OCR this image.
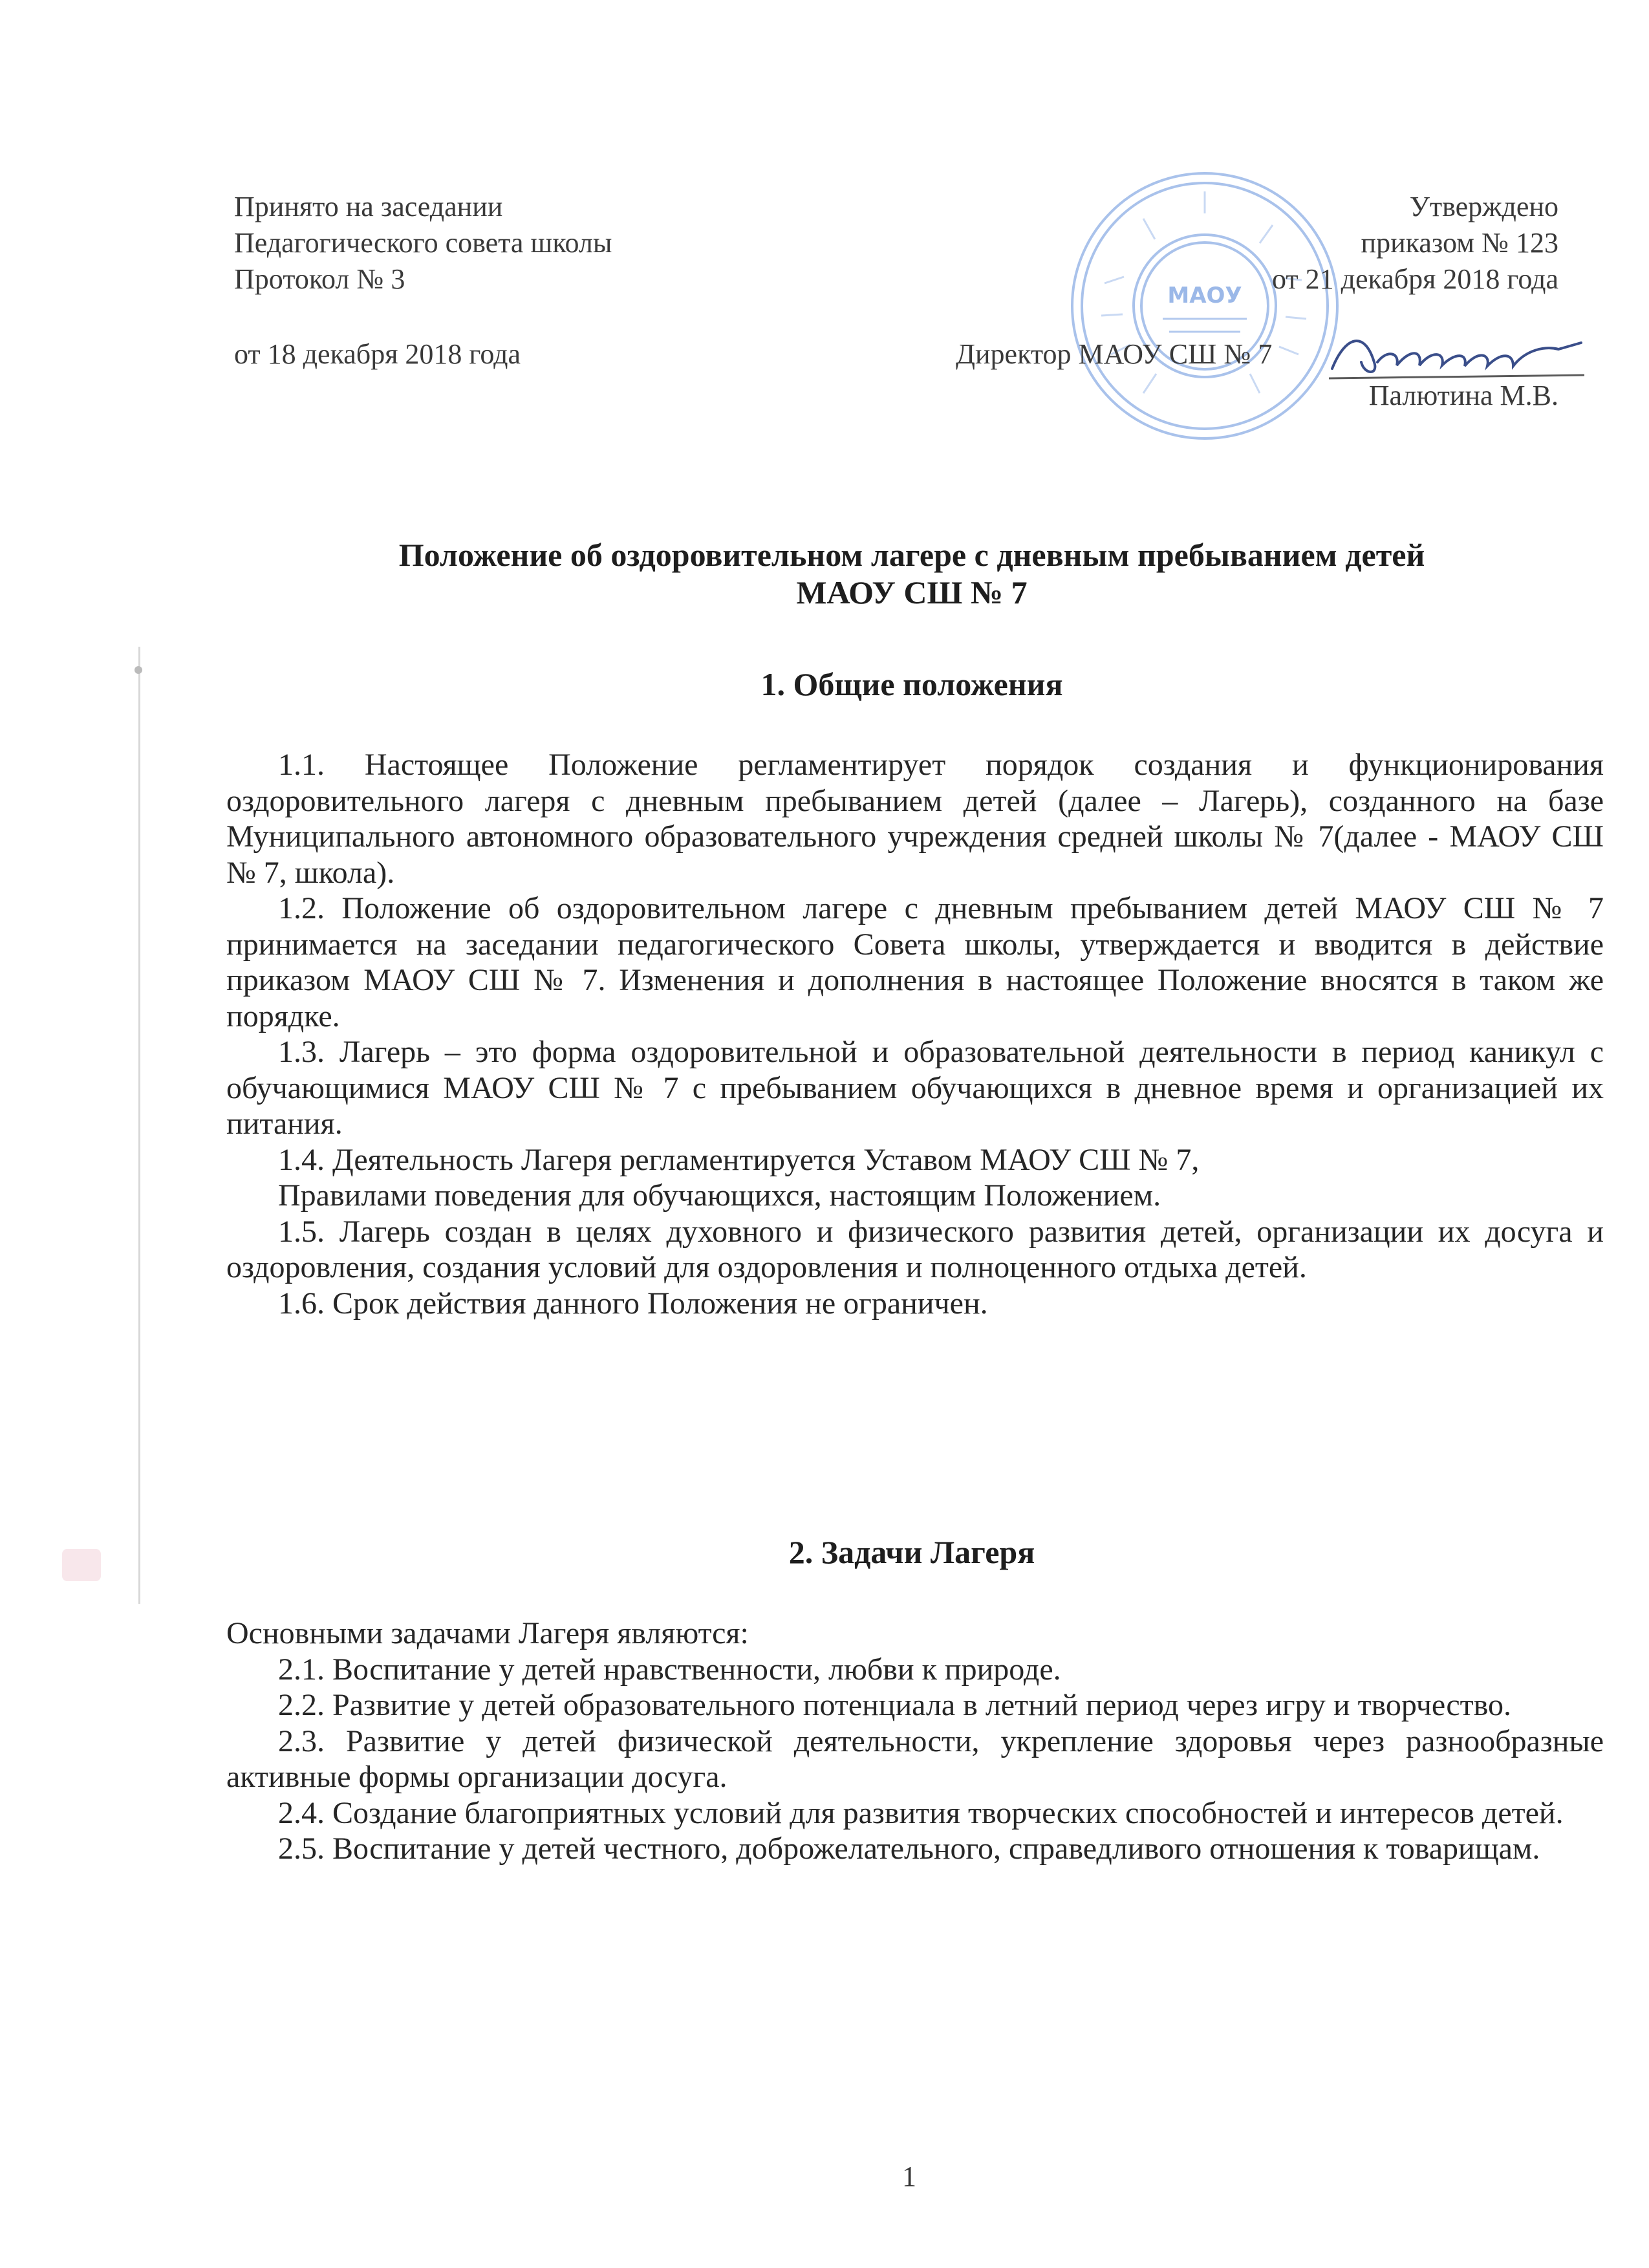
Принято на заседании

Педагогического совета школы

Протокол № 3

от 18 декабря 2018 года

МАОУ

Утверждено

приказом № 123

от 21 декабря 2018 года

Директор МАОУ СШ № 7

Палютина М.В.

Положение об оздоровительном лагере с дневным пребыванием детей

МАОУ СШ № 7

1. Общие положения

1.1. Настоящее Положение регламентирует порядок создания и функционирования оздоровительного лагеря с дневным пребыванием детей (далее – Лагерь), созданного на базе Муниципального автономного образовательного учреждения средней школы № 7(далее - МАОУ СШ № 7, школа).

1.2. Положение об оздоровительном лагере с дневным пребыванием детей МАОУ СШ № 7 принимается на заседании педагогического Совета школы, утверждается и вводится в действие приказом МАОУ СШ № 7. Изменения и дополнения в настоящее Положение вносятся в таком же порядке.

1.3. Лагерь – это форма оздоровительной и образовательной деятельности в период каникул с обучающимися МАОУ СШ № 7 с пребыванием обучающихся в дневное время и организацией их питания.

1.4. Деятельность Лагеря регламентируется Уставом МАОУ СШ № 7,

Правилами поведения для обучающихся, настоящим Положением.

1.5. Лагерь создан в целях духовного и физического развития детей, организации их досуга и оздоровления, создания условий для оздоровления и полноценного отдыха детей.

1.6. Срок действия данного Положения не ограничен.

2. Задачи Лагеря

Основными задачами Лагеря являются:

2.1. Воспитание у детей нравственности, любви к природе.

2.2. Развитие у детей образовательного потенциала в летний период через игру и творчество.

2.3. Развитие у детей физической деятельности, укрепление здоровья через разнообразные активные формы организации досуга.

2.4. Создание благоприятных условий для развития творческих способностей и интересов детей.

2.5. Воспитание у детей честного, доброжелательного, справедливого отношения к товарищам.

1
